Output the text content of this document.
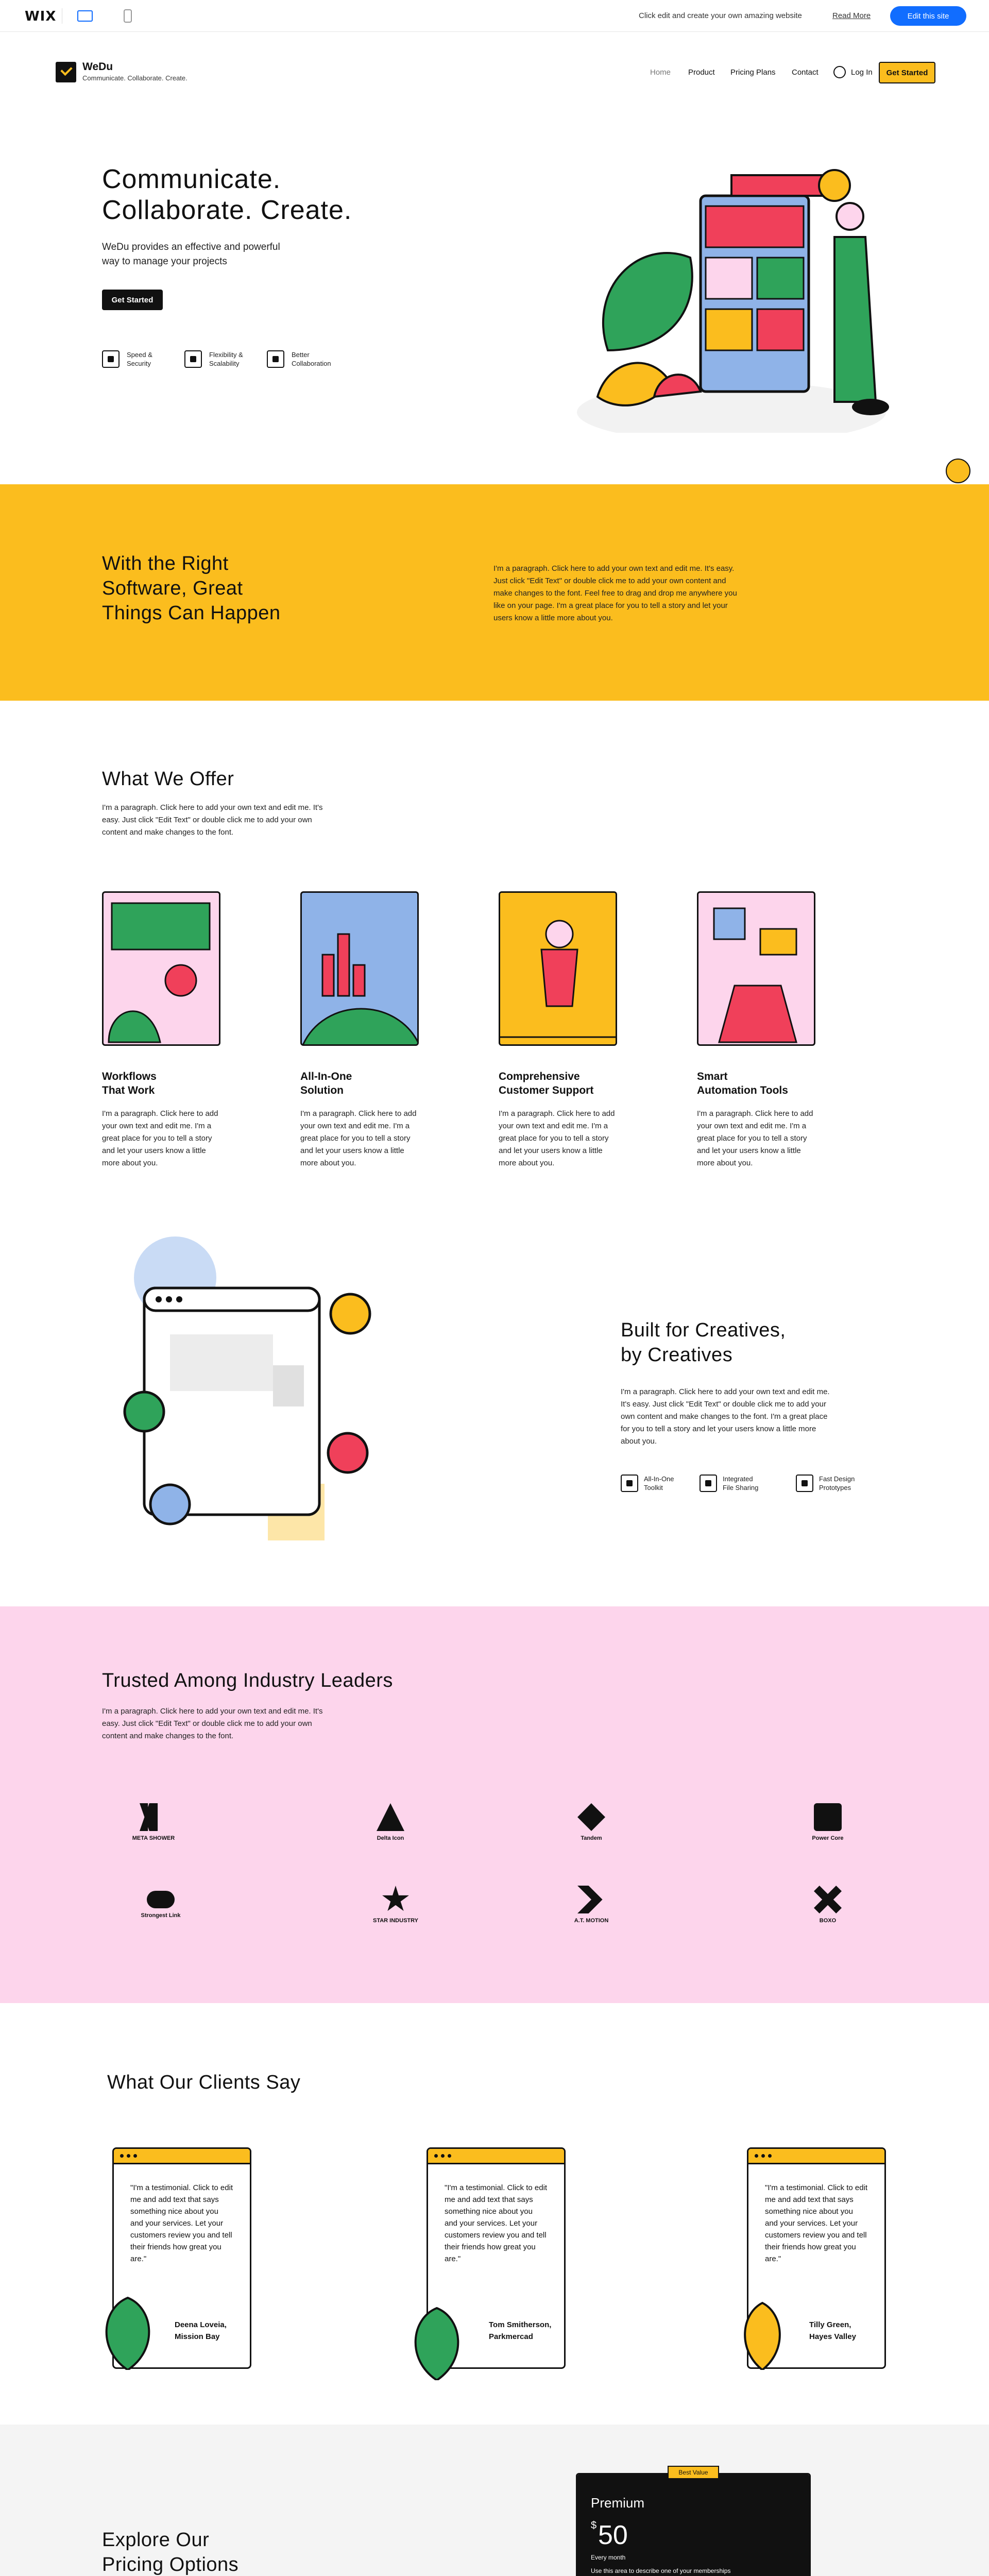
WIX	Click edit and create your own amazing website	Read More	Edit this site
WeDu
Communicate. Collaborate. Create.
Home Product Pricing Plans Contact	Log In	Get Started
Communicate.
Collaborate. Create.
WeDu provides an effective and powerful
way to manage your projects
Get Started
Speed &
Security
Flexibility &
Scalability
Better
Collaboration
With the Right
Software, Great
Things Can Happen
I'm a paragraph. Click here to add your own text and edit me. It's easy. Just click "Edit Text" or double click me to add your own content and make changes to the font. Feel free to drag and drop me anywhere you like on your page. I'm a great place for you to tell a story and let your users know a little more about you.
What We Offer
I'm a paragraph. Click here to add your own text and edit me. It's easy. Just click "Edit Text" or double click me to add your own content and make changes to the font.
Workflows
That Work
I'm a paragraph. Click here to add your own text and edit me. I'm a great place for you to tell a story and let your users know a little more about you.
All-In-One
Solution
I'm a paragraph. Click here to add your own text and edit me. I'm a great place for you to tell a story and let your users know a little more about you.
Comprehensive
Customer Support
I'm a paragraph. Click here to add your own text and edit me. I'm a great place for you to tell a story and let your users know a little more about you.
Smart
Automation Tools
I'm a paragraph. Click here to add your own text and edit me. I'm a great place for you to tell a story and let your users know a little more about you.
Built for Creatives,
by Creatives
I'm a paragraph. Click here to add your own text and edit me. It's easy. Just click "Edit Text" or double click me to add your own content and make changes to the font. I'm a great place for you to tell a story and let your users know a little more about you.
All-In-One
Toolkit
Integrated
File Sharing
Fast Design
Prototypes
Trusted Among Industry Leaders
I'm a paragraph. Click here to add your own text and edit me. It's easy. Just click "Edit Text" or double click me to add your own content and make changes to the font.
META SHOWER	Delta Icon	Tandem	Power Core
Strongest Link
STAR INDUSTRY	A.T. MOTION	BOXO
What Our Clients Say
"I'm a testimonial. Click to edit me and add text that says something nice about you and your services. Let your customers review you and tell their friends how great you are."
Deena Loveia,
Mission Bay
"I'm a testimonial. Click to edit me and add text that says something nice about you and your services. Let your customers review you and tell their friends how great you are."
Tom Smitherson,
Parkmercad
"I'm a testimonial. Click to edit me and add text that says something nice about you and your services. Let your customers review you and tell their friends how great you are."
Tilly Green,
Hayes Valley
Explore Our
Pricing Options
Premium
$ 50
Every month
Use this area to describe one of your memberships
Best Value
